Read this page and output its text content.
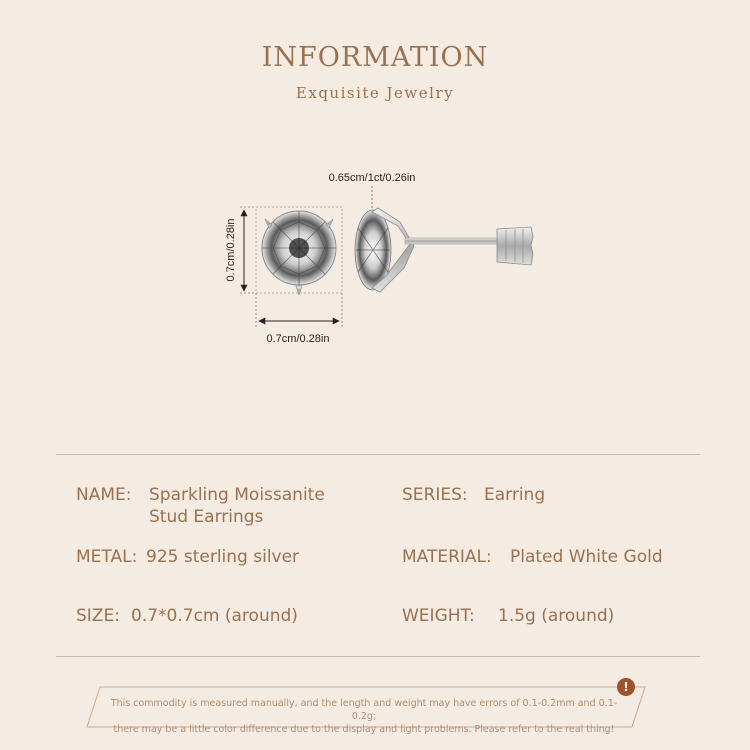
INFORMATION
Exquisite Jewelry
0.7cm/0.28in
0.7cm/0.28in
0.65cm/1ct/0.26in
NAME: Sparkling Moissanite
Stud Earrings
SERIES: Earring
METAL: 925 sterling silver	MATERIAL: Plated White Gold
SIZE: 0.7*0.7cm (around)	WEIGHT: 1.5g (around)
This commodity is measured manually, and the length and weight may have errors of 0.1-0.2mm and 0.1-0.2g;
there may be a little color difference due to the display and light problems. Please refer to the real thing!
!
